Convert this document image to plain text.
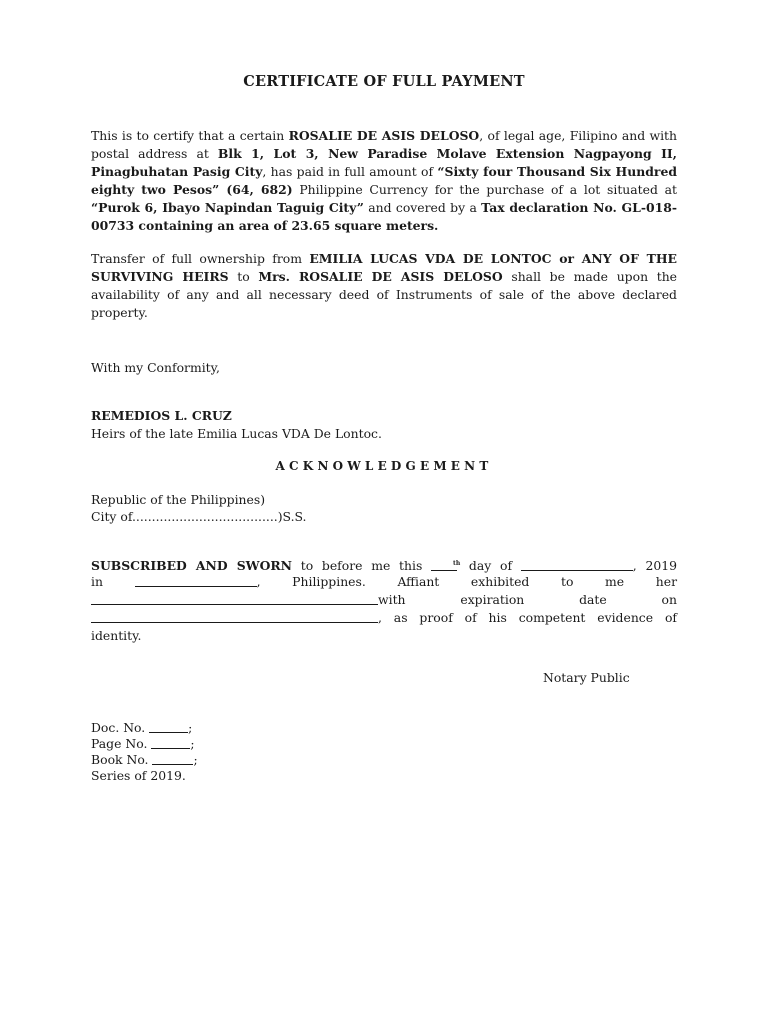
CERTIFICATE OF FULL PAYMENT

This is to certify that a certain ROSALIE DE ASIS DELOSO, of legal age, Filipino and with postal address at Blk 1, Lot 3, New Paradise Molave Extension Nagpayong II, Pinagbuhatan Pasig City, has paid in full amount of “Sixty four Thousand Six Hundred eighty two Pesos” (64, 682) Philippine Currency for the purchase of a lot situated at “Purok 6, Ibayo Napindan Taguig City” and covered by a Tax declaration No. GL-018-00733 containing an area of 23.65 square meters.

Transfer of full ownership from EMILIA LUCAS VDA DE LONTOC or ANY OF THE SURVIVING HEIRS to Mrs. ROSALIE DE ASIS DELOSO shall be made upon the availability of any and all necessary deed of Instruments of sale of the above declared property.

With my Conformity,

REMEDIOS L. CRUZ

Heirs of the late Emilia Lucas VDA De Lontoc.

ACKNOWLEDGEMENT

Republic of the Philippines)

City of.....................................)S.S.

SUBSCRIBED AND SWORN to before me this	$^{th}$ day of	, 2019

in	, Philippines. Affiant exhibited to me her

with expiration date on

, as proof of his competent evidence of

identity.

Notary Public

Doc. No.	;

Page No.	;

Book No.	;

Series of 2019.
